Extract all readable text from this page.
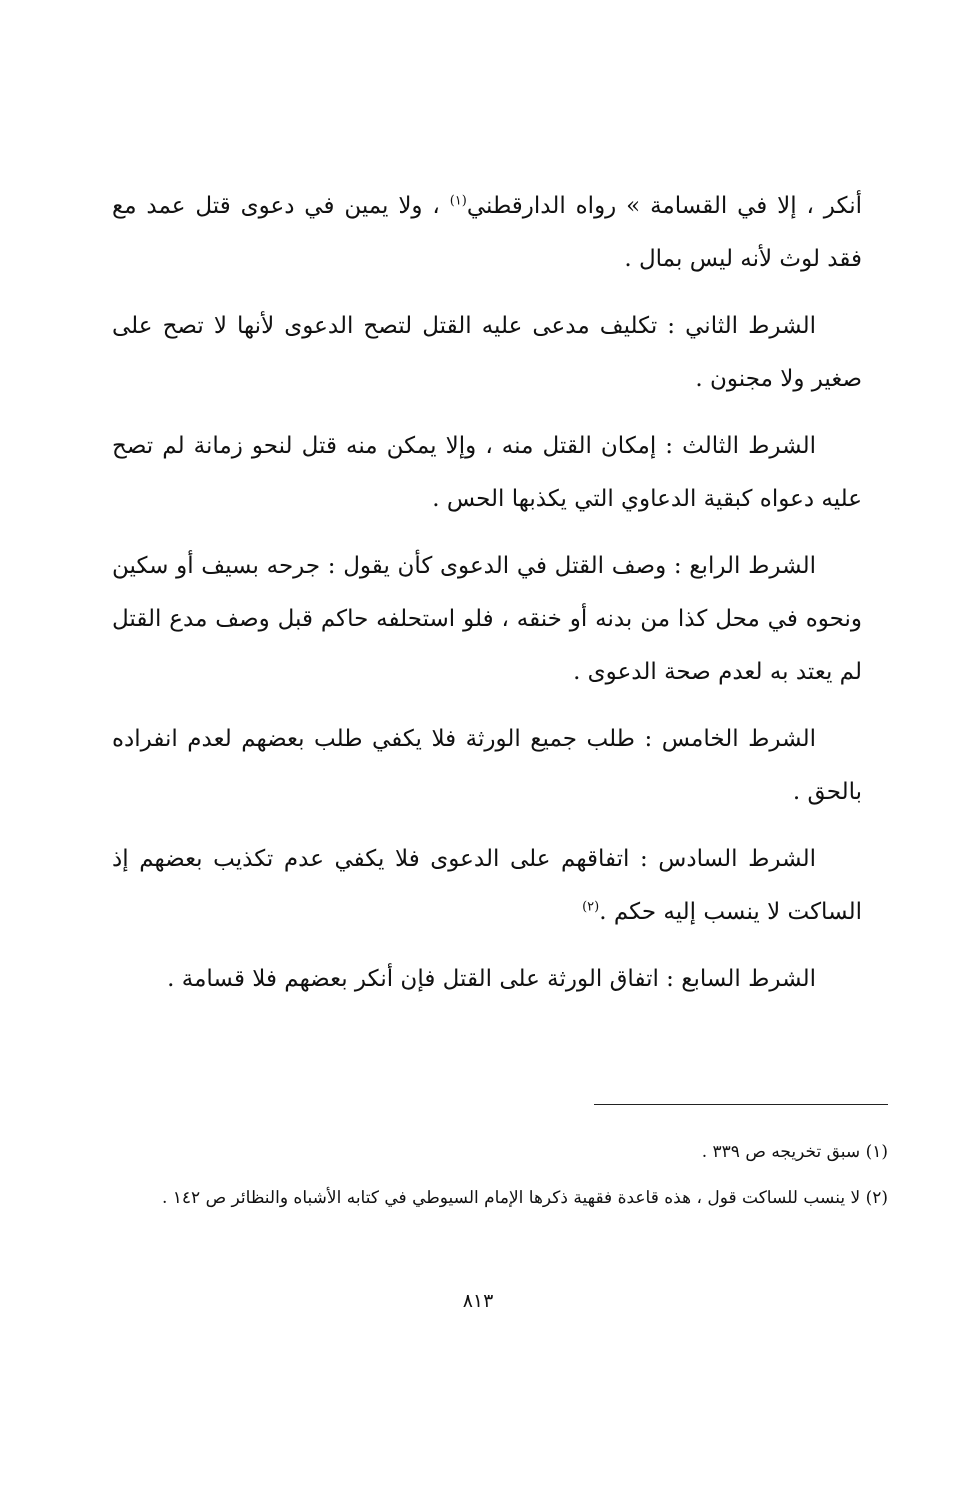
أنكر ، إلا في القسامة » رواه الدارقطني$^{(١)}$ ، ولا يمين في دعوى قتل عمد مع فقد لوث لأنه ليس بمال .

الشرط الثاني : تكليف مدعى عليه القتل لتصح الدعوى لأنها لا تصح على صغير ولا مجنون .

الشرط الثالث : إمكان القتل منه ، وإلا يمكن منه قتل لنحو زمانة لم تصح عليه دعواه كبقية الدعاوي التي يكذبها الحس .

الشرط الرابع : وصف القتل في الدعوى كأن يقول : جرحه بسيف أو سكين ونحوه في محل كذا من بدنه أو خنقه ، فلو استحلفه حاكم قبل وصف مدع القتل لم يعتد به لعدم صحة الدعوى .

الشرط الخامس : طلب جميع الورثة فلا يكفي طلب بعضهم لعدم انفراده بالحق .

الشرط السادس : اتفاقهم على الدعوى فلا يكفي عدم تكذيب بعضهم إذ الساكت لا ينسب إليه حكم .$^{(٢)}$

الشرط السابع : اتفاق الورثة على القتل فإن أنكر بعضهم فلا قسامة .

(١) سبق تخريجه ص ٣٣٩ .

(٢) لا ينسب للساكت قول ، هذه قاعدة فقهية ذكرها الإمام السيوطي في كتابه الأشباه والنظائر ص ١٤٢ .

٨١٣
